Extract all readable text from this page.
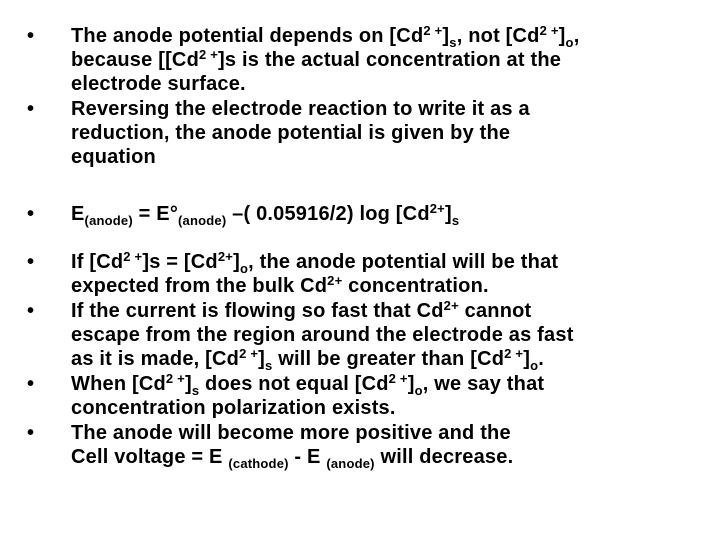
• The anode potential depends on $[Cd^{2 +}]_s$, not $[Cd^{2 +}]_o$,
because [$[Cd^{2 +}]s$ is the actual concentration at the
electrode surface.
• Reversing the electrode reaction to write it as a
reduction, the anode potential is given by the
equation
• $E_{(anode)} = E^\circ_{(anode)}$ –( 0.05916/2) $\log [Cd^{2+}]_s$
• If $[Cd^{2 +}]s = [Cd^{2+}]_o$, the anode potential will be that
expected from the bulk $Cd^{2+}$ concentration.
• If the current is flowing so fast that $Cd^{2+}$ cannot
escape from the region around the electrode as fast
as it is made, $[Cd^{2 +}]_s$ will be greater than $[Cd^{2 +}]_o$.
• When $[Cd^{2 +}]_s$ does not equal $[Cd^{2 +}]_o$, we say that
concentration polarization exists.
• The anode will become more positive and the
Cell voltage = E $_{(cathode)}$ - E $_{(anode)}$ will decrease.
